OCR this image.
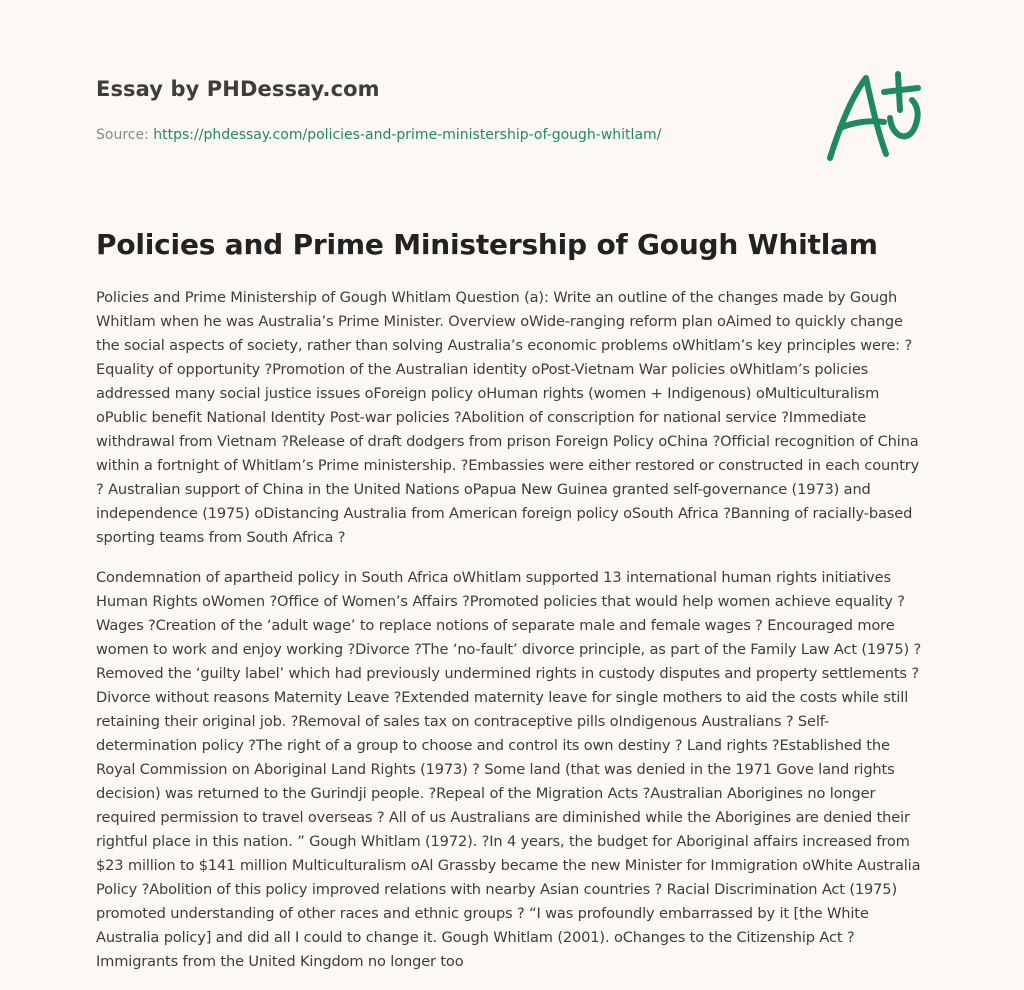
Essay by PHDessay.com
Source: https://phdessay.com/policies-and-prime-ministership-of-gough-whitlam/
Policies and Prime Ministership of Gough Whitlam

Policies and Prime Ministership of Gough Whitlam Question (a): Write an outline of the changes made by Gough Whitlam when he was Australia’s Prime Minister. Overview oWide-ranging reform plan oAimed to quickly change the social aspects of society, rather than solving Australia’s economic problems oWhitlam’s key principles were: ?Equality of opportunity ?Promotion of the Australian identity oPost-Vietnam War policies oWhitlam’s policies addressed many social justice issues oForeign policy oHuman rights (women + Indigenous) oMulticulturalism oPublic benefit National Identity Post-war policies ?Abolition of conscription for national service ?Immediate withdrawal from Vietnam ?Release of draft dodgers from prison Foreign Policy oChina ?Official recognition of China within a fortnight of Whitlam’s Prime ministership. ?Embassies were either restored or constructed in each country ? Australian support of China in the United Nations oPapua New Guinea granted self-governance (1973) and independence (1975) oDistancing Australia from American foreign policy oSouth Africa ?Banning of racially-based sporting teams from South Africa ?

Condemnation of apartheid policy in South Africa oWhitlam supported 13 international human rights initiatives Human Rights oWomen ?Office of Women’s Affairs ?Promoted policies that would help women achieve equality ? Wages ?Creation of the ‘adult wage’ to replace notions of separate male and female wages ? Encouraged more women to work and enjoy working ?Divorce ?The ‘no-fault’ divorce principle, as part of the Family Law Act (1975) ? Removed the ‘guilty label’ which had previously undermined rights in custody disputes and property settlements ? Divorce without reasons Maternity Leave ?Extended maternity leave for single mothers to aid the costs while still retaining their original job. ?Removal of sales tax on contraceptive pills oIndigenous Australians ? Self-determination policy ?The right of a group to choose and control its own destiny ? Land rights ?Established the Royal Commission on Aboriginal Land Rights (1973) ? Some land (that was denied in the 1971 Gove land rights decision) was returned to the Gurindji people. ?Repeal of the Migration Acts ?Australian Aborigines no longer required permission to travel overseas ? All of us Australians are diminished while the Aborigines are denied their rightful place in this nation. ” Gough Whitlam (1972). ?In 4 years, the budget for Aboriginal affairs increased from $23 million to $141 million Multiculturalism oAl Grassby became the new Minister for Immigration oWhite Australia Policy ?Abolition of this policy improved relations with nearby Asian countries ? Racial Discrimination Act (1975) promoted understanding of other races and ethnic groups ? “I was profoundly embarrassed by it [the White Australia policy] and did all I could to change it. Gough Whitlam (2001). oChanges to the Citizenship Act ?Immigrants from the United Kingdom no longer too
